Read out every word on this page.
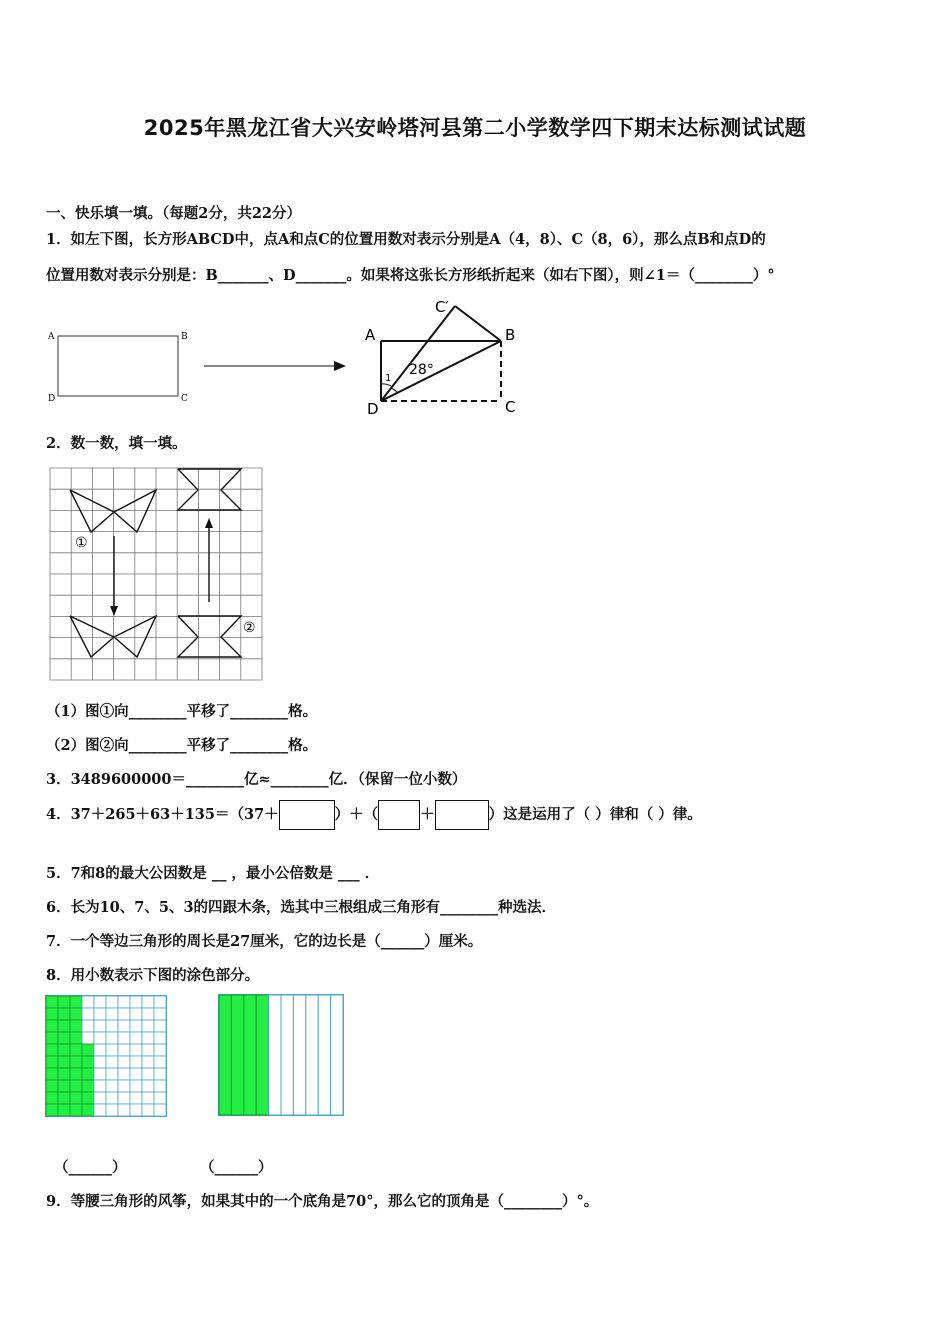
2025年黑龙江省大兴安岭塔河县第二小学数学四下期末达标测试试题
一、快乐填一填。（每题2分，共22分）
1．如左下图，长方形ABCD中，点A和点C的位置用数对表示分别是A（4，8）、C（8，6），那么点B和点D的
位置用数对表示分别是：B_______、D_______。如果将这张长方形纸折起来（如右下图），则∠1＝（________）°
A	B
C
D
A	B
C
D
C′
28°
1
2．数一数，填一填。
①
②
（1）图①向________平移了________格。
（2）图②向________平移了________格。
3．3489600000＝________亿≈________亿．（保留一位小数）
4．37＋265＋63＋135＝（37＋	）＋（	＋	）这是运用了（ ）律和（ ）律。
5．7和8的最大公因数是 __ ，最小公倍数是 ___ ．
6．长为10、7、5、3的四跟木条，选其中三根组成三角形有________种选法．
7．一个等边三角形的周长是27厘米，它的边长是（______）厘米。
8．用小数表示下图的涂色部分。
（______）	（______）
9．等腰三角形的风筝，如果其中的一个底角是70°，那么它的顶角是（________）°。
